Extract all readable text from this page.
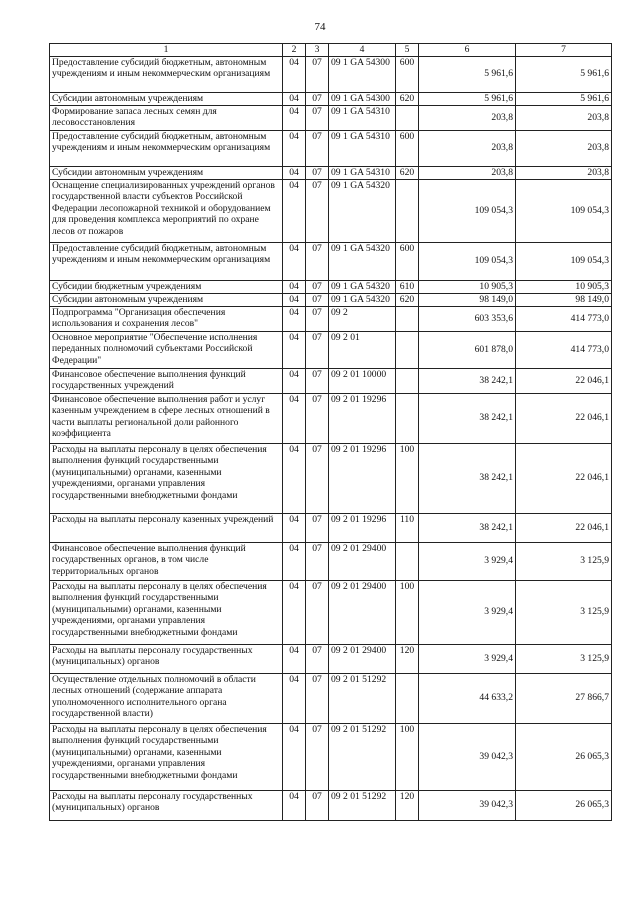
74
1	2	3	4	5	6	7
Предоставление субсидий бюджетным, автономным учреждениям и иным некоммерческим организациям	04	07	09 1 GA 54300	600	5 961,6	5 961,6
Субсидии автономным учреждениям	04	07	09 1 GA 54300	620	5 961,6	5 961,6
Формирование запаса лесных семян для лесовосстановления	04	07	09 1 GA 54310		203,8	203,8
Предоставление субсидий бюджетным, автономным учреждениям и иным некоммерческим организациям	04	07	09 1 GA 54310	600	203,8	203,8
Субсидии автономным учреждениям	04	07	09 1 GA 54310	620	203,8	203,8
Оснащение специализированных учреждений органов государственной власти субъектов Российской Федерации лесопожарной техникой и оборудованием для проведения комплекса мероприятий по охране лесов от пожаров	04	07	09 1 GA 54320		109 054,3	109 054,3
Предоставление субсидий бюджетным, автономным учреждениям и иным некоммерческим организациям	04	07	09 1 GA 54320	600	109 054,3	109 054,3
Субсидии бюджетным учреждениям	04	07	09 1 GA 54320	610	10 905,3	10 905,3
Субсидии автономным учреждениям	04	07	09 1 GA 54320	620	98 149,0	98 149,0
Подпрограмма "Организация обеспечения использования и сохранения лесов"	04	07	09 2		603 353,6	414 773,0
Основное мероприятие "Обеспечение исполнения переданных полномочий субъектами Российской Федерации"	04	07	09 2 01		601 878,0	414 773,0
Финансовое обеспечение выполнения функций государственных учреждений	04	07	09 2 01 10000		38 242,1	22 046,1
Финансовое обеспечение выполнения работ и услуг казенным учреждением в сфере лесных отношений в части выплаты региональной доли районного коэффициента	04	07	09 2 01 19296		38 242,1	22 046,1
Расходы на выплаты персоналу в целях обеспечения выполнения функций государственными (муниципальными) органами, казенными учреждениями, органами управления государственными внебюджетными фондами	04	07	09 2 01 19296	100	38 242,1	22 046,1
Расходы на выплаты персоналу казенных учреждений	04	07	09 2 01 19296	110	38 242,1	22 046,1
Финансовое обеспечение выполнения функций государственных органов, в том числе территориальных органов	04	07	09 2 01 29400		3 929,4	3 125,9
Расходы на выплаты персоналу в целях обеспечения выполнения функций государственными (муниципальными) органами, казенными учреждениями, органами управления государственными внебюджетными фондами	04	07	09 2 01 29400	100	3 929,4	3 125,9
Расходы на выплаты персоналу государственных (муниципальных) органов	04	07	09 2 01 29400	120	3 929,4	3 125,9
Осуществление отдельных полномочий в области лесных отношений (содержание аппарата уполномоченного исполнительного органа государственной власти)	04	07	09 2 01 51292		44 633,2	27 866,7
Расходы на выплаты персоналу в целях обеспечения выполнения функций государственными (муниципальными) органами, казенными учреждениями, органами управления государственными внебюджетными фондами	04	07	09 2 01 51292	100	39 042,3	26 065,3
Расходы на выплаты персоналу государственных (муниципальных) органов	04	07	09 2 01 51292	120	39 042,3	26 065,3
